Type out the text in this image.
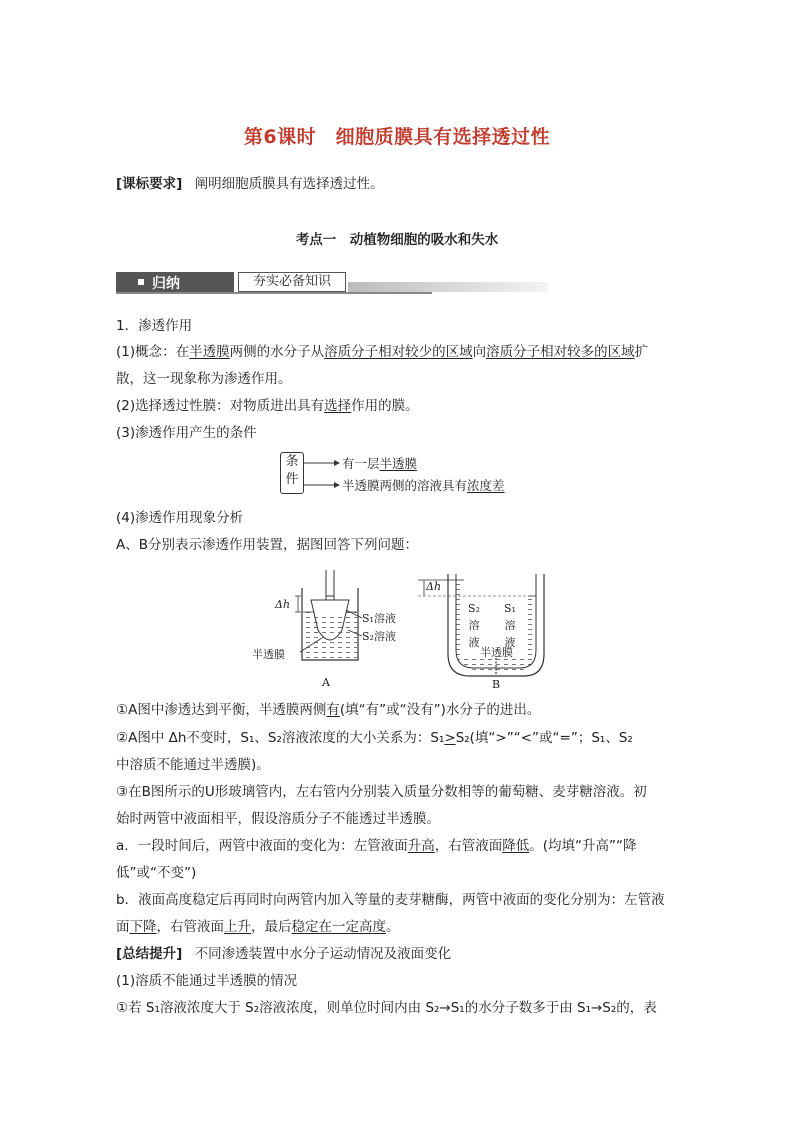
第6课时　细胞质膜具有选择透过性
[课标要求] 阐明细胞质膜具有选择透过性。
考点一　动植物细胞的吸水和失水
归纳	夯实必备知识
1．渗透作用
(1)概念：在半透膜两侧的水分子从溶质分子相对较少的区域向溶质分子相对较多的区域扩
散，这一现象称为渗透作用。
(2)选择透过性膜：对物质进出具有选择作用的膜。
(3)渗透作用产生的条件
条
件
有一层半透膜
半透膜两侧的溶液具有浓度差
(4)渗透作用现象分析
A、B分别表示渗透作用装置，据图回答下列问题：
Δh
S₁溶液
S₂溶液
半透膜
A
Δh
S₂
溶
液
S₁
溶
液
半透膜
B
①A图中渗透达到平衡，半透膜两侧有(填“有”或“没有”)水分子的进出。
②A图中 Δh不变时，S₁、S₂溶液浓度的大小关系为：S₁>S₂(填“>”“<”或“=”；S₁、S₂
中溶质不能通过半透膜)。
③在B图所示的U形玻璃管内，左右管内分别装入质量分数相等的葡萄糖、麦芽糖溶液。初
始时两管中液面相平，假设溶质分子不能透过半透膜。
a．一段时间后，两管中液面的变化为：左管液面升高，右管液面降低。(均填“升高”“降
低”或“不变”)
b．液面高度稳定后再同时向两管内加入等量的麦芽糖酶，两管中液面的变化分别为：左管液
面下降，右管液面上升，最后稳定在一定高度。
[总结提升] 不同渗透装置中水分子运动情况及液面变化
(1)溶质不能通过半透膜的情况
①若 S₁溶液浓度大于 S₂溶液浓度，则单位时间内由 S₂→S₁的水分子数多于由 S₁→S₂的，表
